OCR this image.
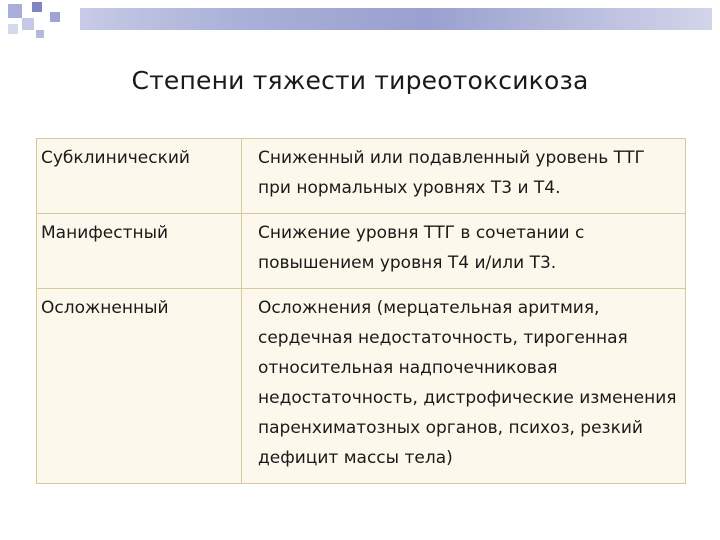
Степени тяжести тиреотоксикоза
Субклинический	Сниженный или подавленный уровень ТТГ при нормальных уровнях Т3 и Т4.

Манифестный	Снижение уровня ТТГ в сочетании с повышением уровня Т4 и/или Т3.

Осложненный	Осложнения (мерцательная аритмия, сердечная недостаточность, тирогенная относительная надпочечниковая недостаточность, дистрофические изменения паренхиматозных органов, психоз, резкий дефицит массы тела)
